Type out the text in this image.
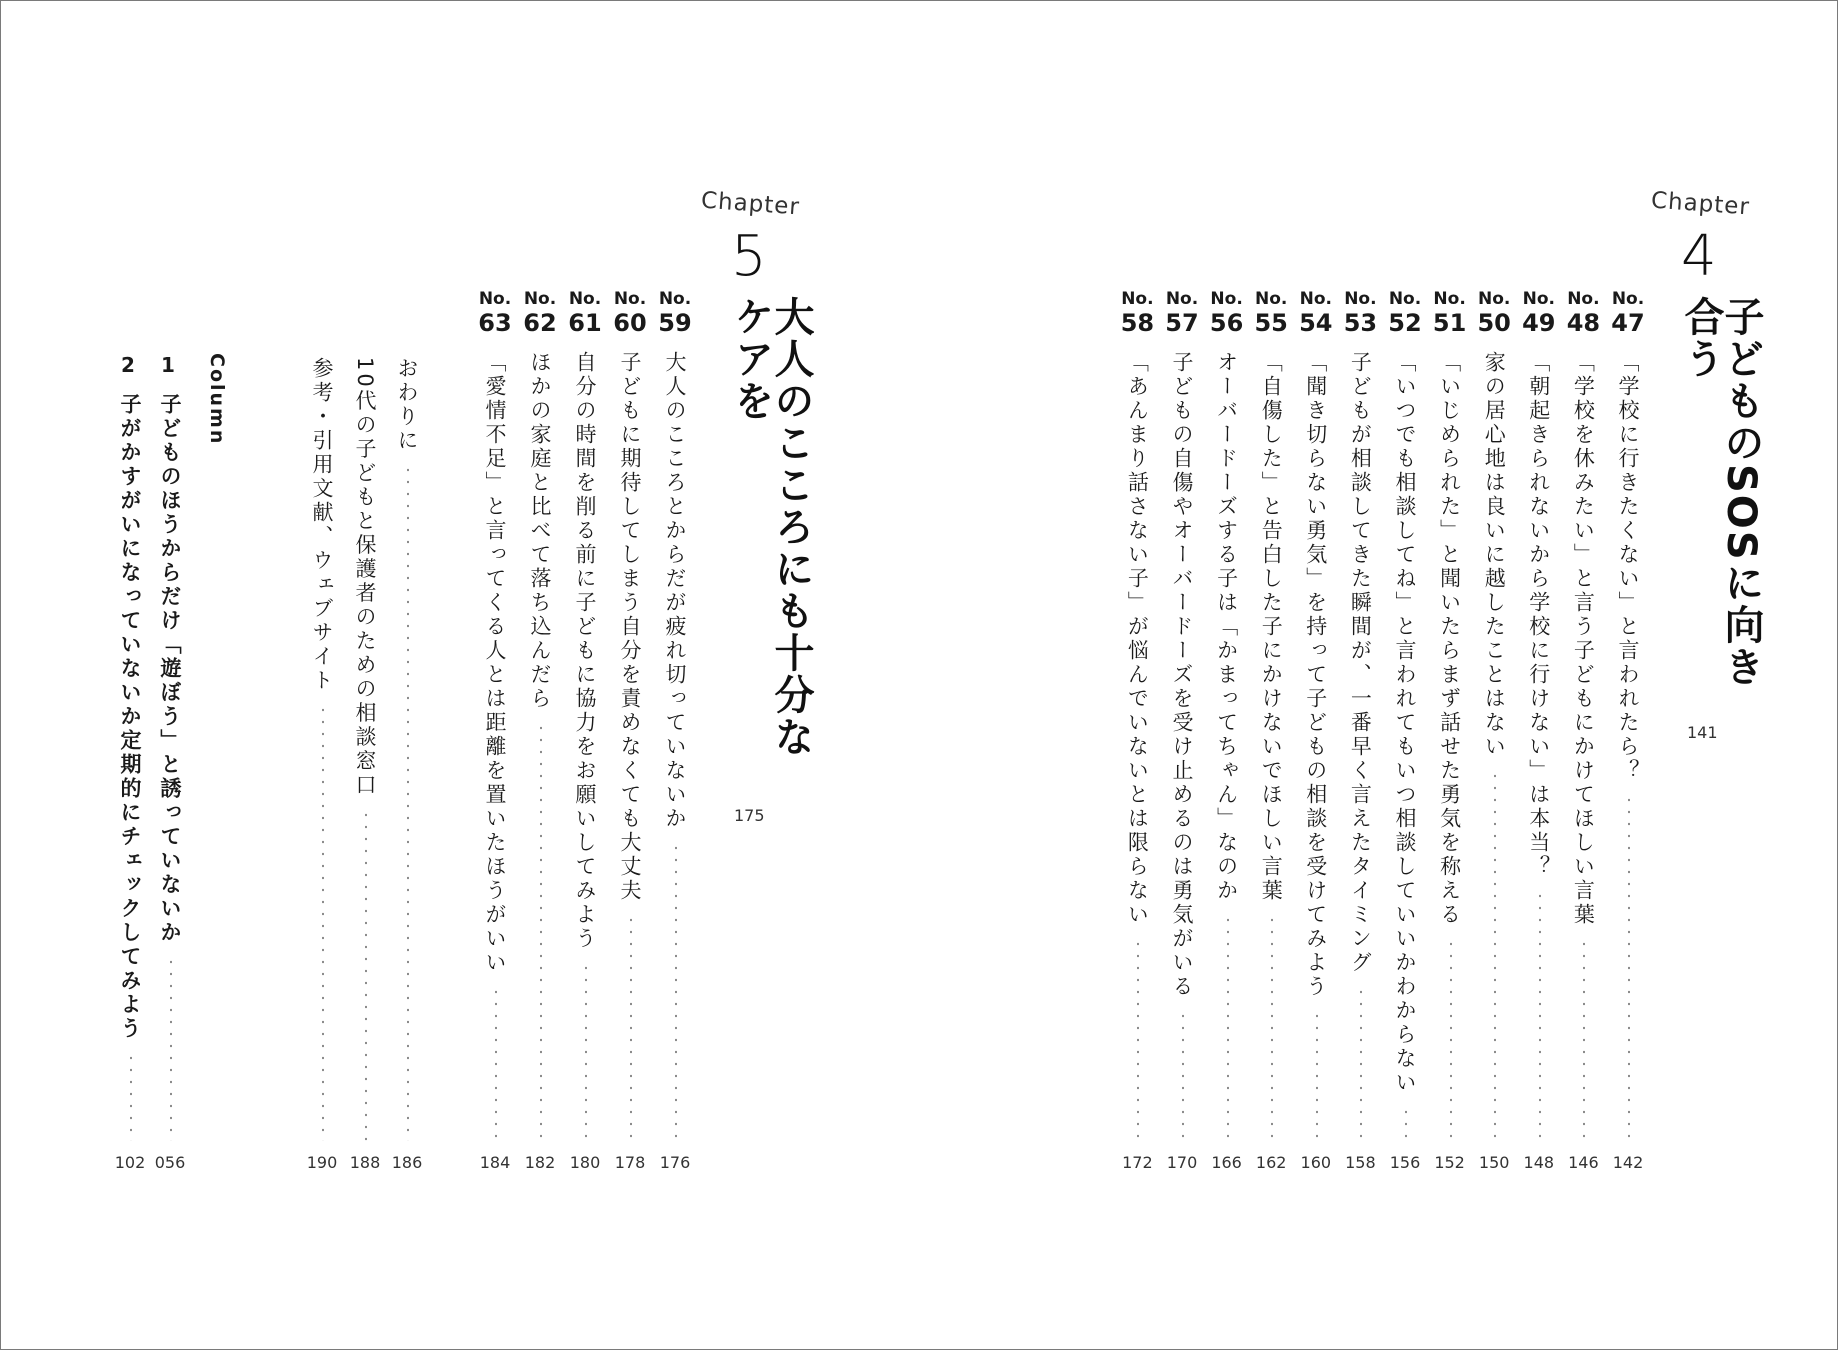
Chapter
4
子どものSOSに向き合う
141
No.
47
「学校に行きたくない」と言われたら？
142
No.
48
「学校を休みたい」と言う子どもにかけてほしい言葉
146
No.
49
「朝起きられないから学校に行けない」は本当？
148
No.
50
家の居心地は良いに越したことはない
150
No.
51
「いじめられた」と聞いたらまず話せた勇気を称える
152
No.
52
「いつでも相談してね」と言われてもいつ相談していいかわからない
156
No.
53
子どもが相談してきた瞬間が、一番早く言えたタイミング
158
No.
54
「聞き切らない勇気」を持って子どもの相談を受けてみよう
160
No.
55
「自傷した」と告白した子にかけないでほしい言葉
162
No.
56
オーバードーズする子は「かまってちゃん」なのか
166
No.
57
子どもの自傷やオーバードーズを受け止めるのは勇気がいる
170
No.
58
「あんまり話さない子」が悩んでいないとは限らない
172
Chapter
5
大人のこころにも十分なケアを
175
No.
59
大人のこころとからだが疲れ切っていないか
176
No.
60
子どもに期待してしまう自分を責めなくても大丈夫
178
No.
61
自分の時間を削る前に子どもに協力をお願いしてみよう
180
No.
62
ほかの家庭と比べて落ち込んだら
182
No.
63
「愛情不足」と言ってくる人とは距離を置いたほうがいい
184
おわりに
186
10代の子どもと保護者のための相談窓口
188
参考・引用文献、ウェブサイト
190
Column
1
子どものほうからだけ「遊ぼう」と誘っていないか
056
2
子がかすがいになっていないか定期的にチェックしてみよう
102
